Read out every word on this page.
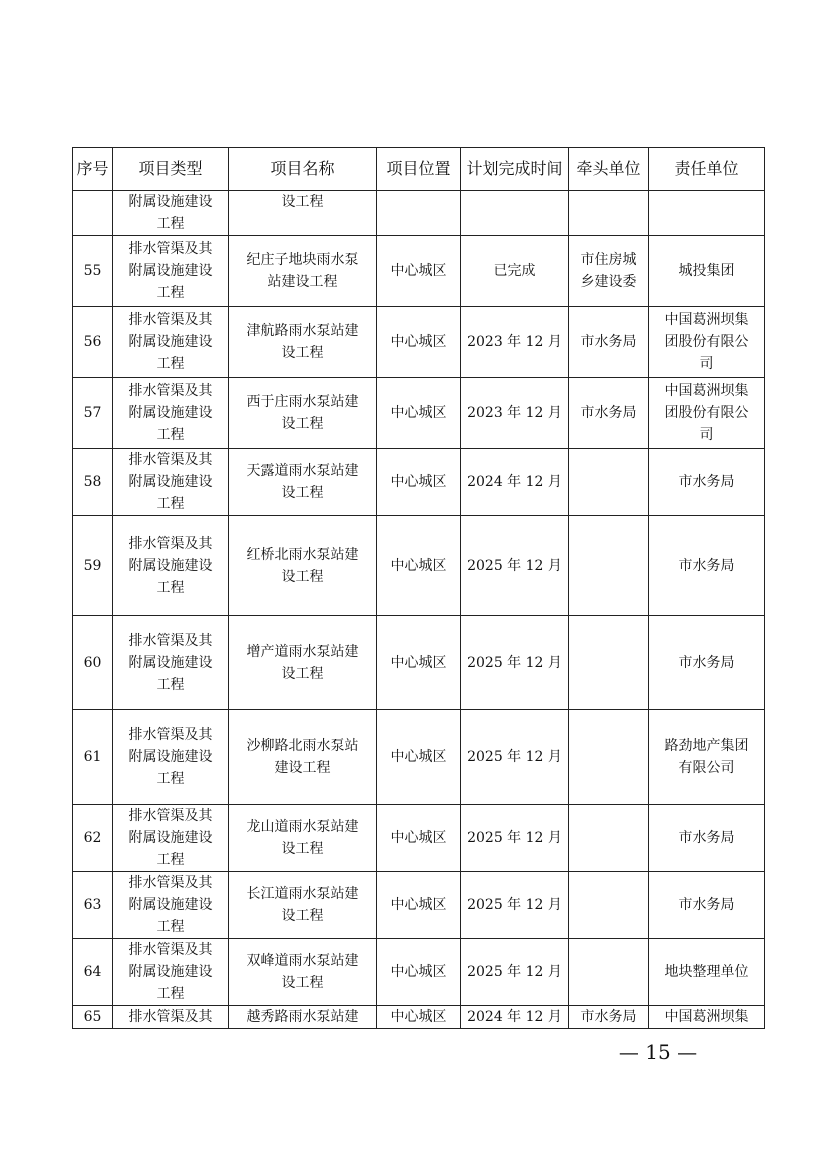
序号	项目类型	项目名称	项目位置	计划完成时间	牵头单位	责任单位
	附属设施建设
工程	设工程				
55	排水管渠及其
附属设施建设
工程	纪庄子地块雨水泵
站建设工程	中心城区	已完成	市住房城
乡建设委	城投集团
56	排水管渠及其
附属设施建设
工程	津航路雨水泵站建
设工程	中心城区	2023 年 12 月	市水务局	中国葛洲坝集
团股份有限公
司
57	排水管渠及其
附属设施建设
工程	西于庄雨水泵站建
设工程	中心城区	2023 年 12 月	市水务局	中国葛洲坝集
团股份有限公
司
58	排水管渠及其
附属设施建设
工程	天露道雨水泵站建
设工程	中心城区	2024 年 12 月		市水务局
59	排水管渠及其
附属设施建设
工程	红桥北雨水泵站建
设工程	中心城区	2025 年 12 月		市水务局
60	排水管渠及其
附属设施建设
工程	增产道雨水泵站建
设工程	中心城区	2025 年 12 月		市水务局
61	排水管渠及其
附属设施建设
工程	沙柳路北雨水泵站
建设工程	中心城区	2025 年 12 月		路劲地产集团
有限公司
62	排水管渠及其
附属设施建设
工程	龙山道雨水泵站建
设工程	中心城区	2025 年 12 月		市水务局
63	排水管渠及其
附属设施建设
工程	长江道雨水泵站建
设工程	中心城区	2025 年 12 月		市水务局
64	排水管渠及其
附属设施建设
工程	双峰道雨水泵站建
设工程	中心城区	2025 年 12 月		地块整理单位
65	排水管渠及其	越秀路雨水泵站建	中心城区	2024 年 12 月	市水务局	中国葛洲坝集
— 15 —
